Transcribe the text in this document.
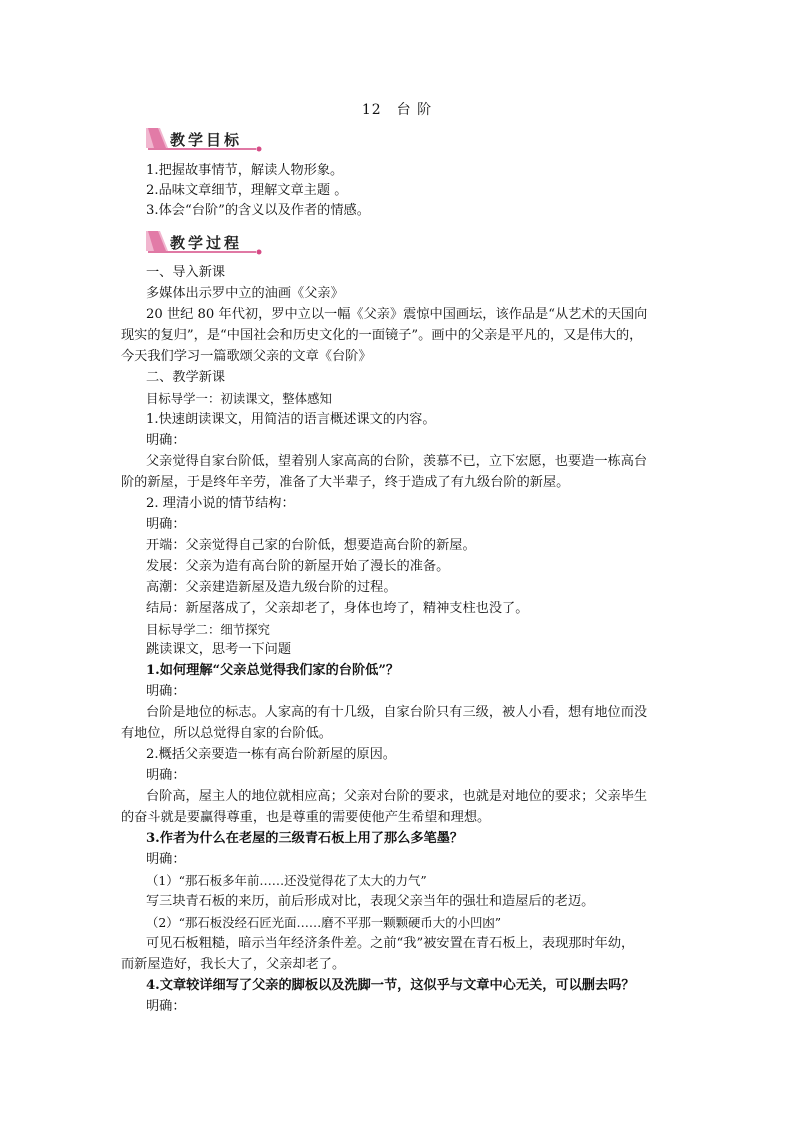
12　台 阶
教学目标
1.把握故事情节，解读人物形象。
2.品味文章细节，理解文章主题 。
3.体会“台阶”的含义以及作者的情感。
教学过程
一、导入新课
多媒体出示罗中立的油画《父亲》
20 世纪 80 年代初，罗中立以一幅《父亲》震惊中国画坛，该作品是“从艺术的天国向
现实的复归”，是“中国社会和历史文化的一面镜子”。画中的父亲是平凡的，又是伟大的，
今天我们学习一篇歌颂父亲的文章《台阶》
二、教学新课
目标导学一：初读课文，整体感知
1.快速朗读课文，用简洁的语言概述课文的内容。
明确：
父亲觉得自家台阶低，望着别人家高高的台阶，羡慕不已，立下宏愿，也要造一栋高台
阶的新屋，于是终年辛劳，准备了大半辈子，终于造成了有九级台阶的新屋。
2. 理清小说的情节结构：
明确：
开端：父亲觉得自己家的台阶低，想要造高台阶的新屋。
发展：父亲为造有高台阶的新屋开始了漫长的准备。
高潮：父亲建造新屋及造九级台阶的过程。
结局：新屋落成了，父亲却老了，身体也垮了，精神支柱也没了。
目标导学二：细节探究
跳读课文，思考一下问题
1.如何理解“父亲总觉得我们家的台阶低”？
明确：
台阶是地位的标志。人家高的有十几级，自家台阶只有三级，被人小看，想有地位而没
有地位，所以总觉得自家的台阶低。
2.概括父亲要造一栋有高台阶新屋的原因。
明确：
台阶高，屋主人的地位就相应高；父亲对台阶的要求，也就是对地位的要求；父亲毕生
的奋斗就是要赢得尊重，也是尊重的需要使他产生希望和理想。
3.作者为什么在老屋的三级青石板上用了那么多笔墨？
明确：
（1）“那石板多年前……还没觉得花了太大的力气”
写三块青石板的来历，前后形成对比，表现父亲当年的强壮和造屋后的老迈。
（2）“那石板没经石匠光面……磨不平那一颗颗硬币大的小凹凼”
可见石板粗糙，暗示当年经济条件差。之前“我”被安置在青石板上，表现那时年幼，
而新屋造好，我长大了，父亲却老了。
4.文章较详细写了父亲的脚板以及洗脚一节，这似乎与文章中心无关，可以删去吗？
明确：
